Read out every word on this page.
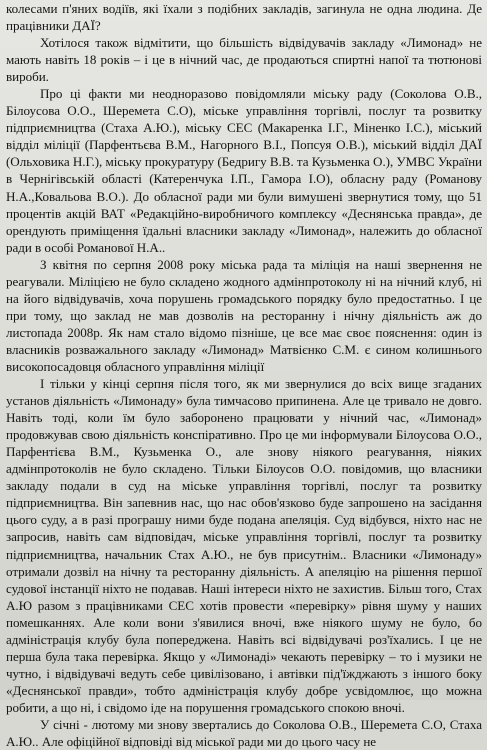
колесами п'яних водіїв, які їхали з подібних закладів, загинула не одна людина. Де працівники ДАЇ?

Хотілося також відмітити, що більшість відвідувачів закладу «Лимонад» не мають навіть 18 років – і це в нічний час, де продаються спиртні напої та тютюнові вироби.

Про ці факти ми неодноразово повідомляли міську раду (Соколова О.В., Білоусова О.О., Шеремета С.О), міське управління торгівлі, послуг та розвитку підприємництва (Стаха А.Ю.), міську СЕС (Макаренка І.Г., Міненко І.С.), міський відділ міліції (Парфентьєва В.М., Нагорного В.І., Попсуя О.В.), міський відділ ДАЇ (Ольховика Н.Г.), міську прокуратуру (Бедригу В.В. та Кузьменка О.), УМВС України в Чернігівській області (Катеренчука І.П., Гамора І.О), обласну раду (Романову Н.А.,Ковальова В.О.). До обласної ради ми були вимушені звернутися тому, що 51 процентів акцій ВАТ «Редакційно-виробничого комплексу «Деснянська правда», де орендують приміщення їдальні власники закладу «Лимонад», належить до обласної ради в особі Романової Н.А..

З квітня по серпня 2008 року міська рада та міліція на наші звернення не реагували. Міліцією не було складено жодного адмінпротоколу ні на нічний клуб, ні на його відвідувачів, хоча порушень громадського порядку було предостатньо. І це при тому, що заклад не мав дозволів на ресторанну і нічну діяльність аж до листопада 2008р. Як нам стало відомо пізніше, це все має своє пояснення: один із власників розважального закладу «Лимонад» Матвієнко С.М. є сином колишнього високопосадовця обласного управління міліції

І тільки у кінці серпня після того, як ми звернулися до всіх вище згаданих установ діяльність «Лимонаду» була тимчасово припинена. Але це тривало не довго. Навіть тоді, коли їм було заборонено працювати у нічний час, «Лимонад» продовжував свою діяльність конспіративно. Про це ми інформували Білоусова О.О., Парфентієва В.М., Кузьменка О., але знову ніякого реагування, ніяких адмінпротоколів не було складено. Тільки Білоусов О.О. повідомив, що власники закладу подали в суд на міське управління торгівлі, послуг та розвитку підприємництва. Він запевнив нас, що нас обов'язково буде запрошено на засідання цього суду, а в разі програшу ними буде подана апеляція. Суд відбувся, ніхто нас не запросив, навіть сам відповідач, міське управління торгівлі, послуг та розвитку підприємництва, начальник Стах А.Ю., не був присутнім.. Власники «Лимонаду» отримали дозвіл на нічну та ресторанну діяльність. А апеляцію на рішення першої судової інстанції ніхто не подавав. Наші інтереси ніхто не захистив. Більш того, Стах А.Ю разом з працівниками СЕС хотів провести «перевірку» рівня шуму у наших помешканнях. Але коли вони з'явилися вночі, вже ніякого шуму не було, бо адміністрація клубу була попереджена. Навіть всі відвідувачі роз'їхались. І це не перша була така перевірка. Якщо у «Лимонаді» чекають перевірку – то і музики не чутно, і відвідувачі ведуть себе цивілізовано, і автівки під'їжджають з іншого боку «Деснянської правди», тобто адміністрація клубу добре усвідомлює, що можна робити, а що ні, і свідомо іде на порушення громадського спокою вночі.

У січні - лютому ми знову звертались до Соколова О.В., Шеремета С.О, Стаха А.Ю.. Але офіційної відповіді від міської ради ми до цього часу не
